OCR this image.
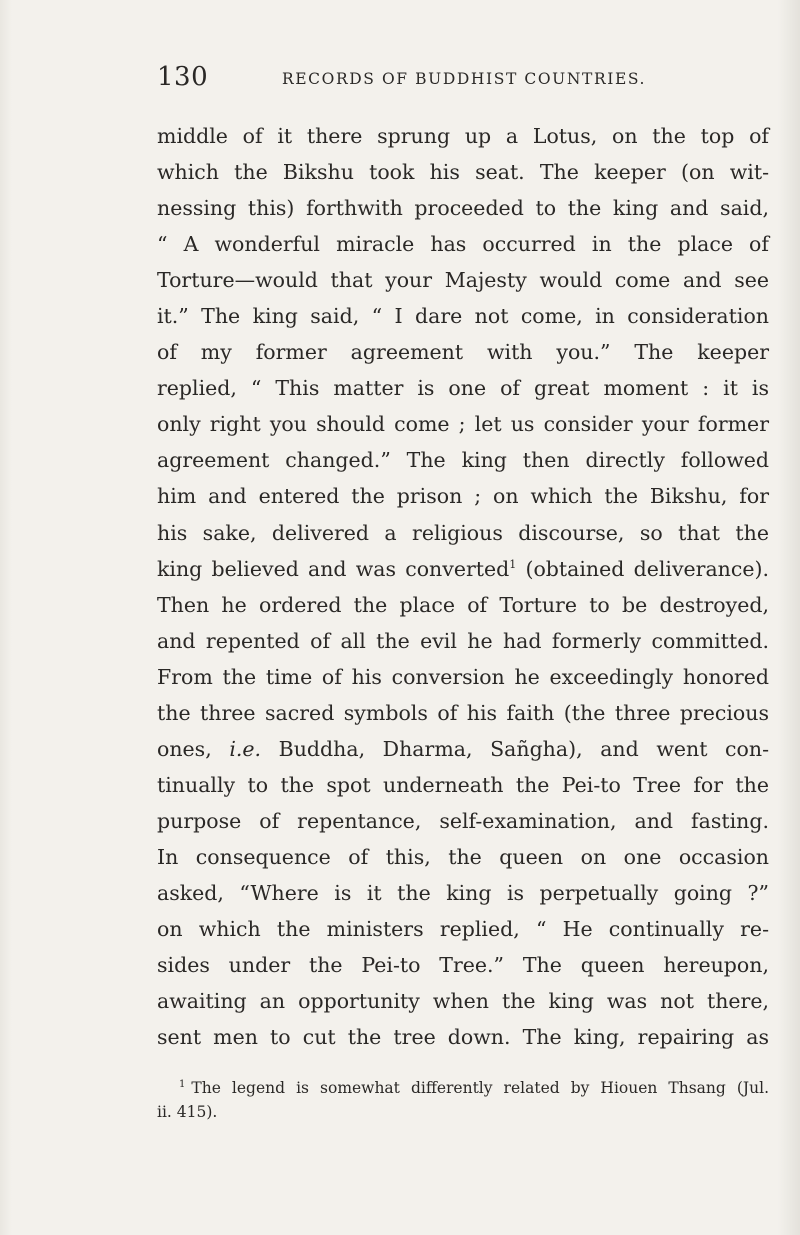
130	RECORDS OF BUDDHIST COUNTRIES.
middle of it there sprung up a Lotus, on the top of
which the Bikshu took his seat. The keeper (on wit-
nessing this) forthwith proceeded to the king and said,
“ A wonderful miracle has occurred in the place of
Torture—would that your Majesty would come and see
it.” The king said, “ I dare not come, in consideration
of my former agreement with you.” The keeper
replied, “ This matter is one of great moment : it is
only right you should come ; let us consider your former
agreement changed.” The king then directly followed
him and entered the prison ; on which the Bikshu, for
his sake, delivered a religious discourse, so that the
king believed and was converted$^1$ (obtained deliverance).
Then he ordered the place of Torture to be destroyed,
and repented of all the evil he had formerly committed.
From the time of his conversion he exceedingly honored
the three sacred symbols of his faith (the three precious
ones, i.e. Buddha, Dharma, Sañgha), and went con-
tinually to the spot underneath the Pei-to Tree for the
purpose of repentance, self-examination, and fasting.
In consequence of this, the queen on one occasion
asked, “Where is it the king is perpetually going ?”
on which the ministers replied, “ He continually re-
sides under the Pei-to Tree.” The queen hereupon,
awaiting an opportunity when the king was not there,
sent men to cut the tree down. The king, repairing as
$^1$ The legend is somewhat differently related by Hiouen Thsang (Jul.
ii. 415).
